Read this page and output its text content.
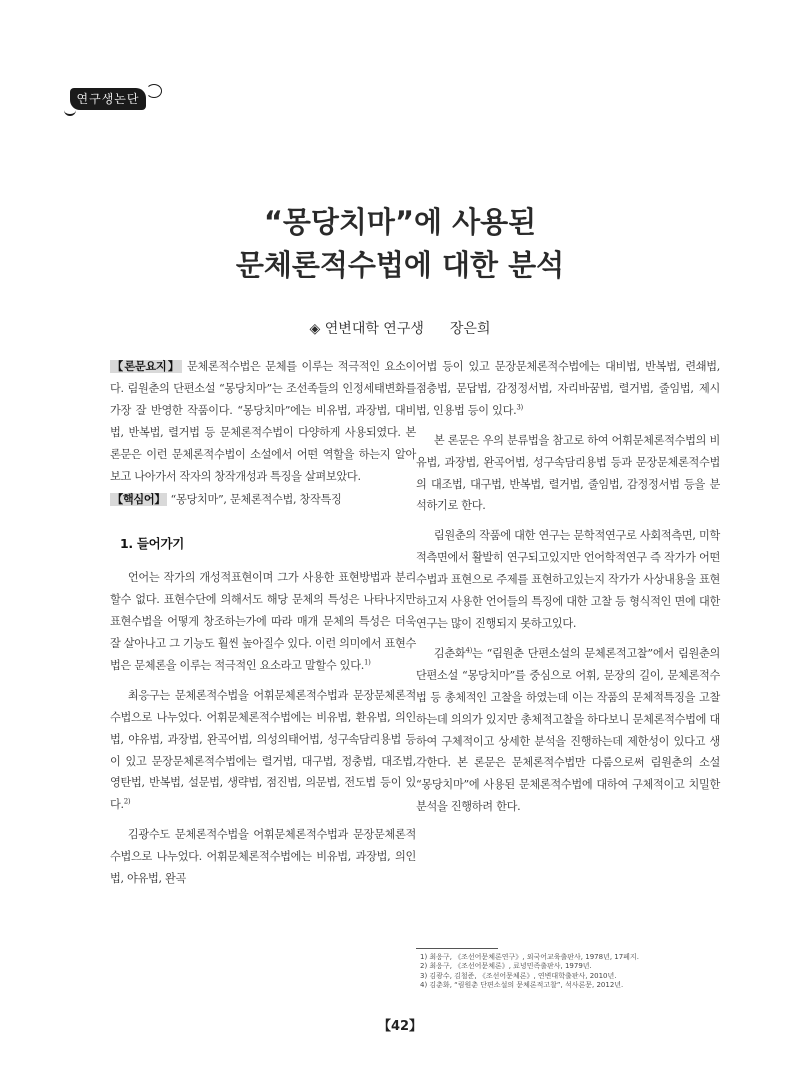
연구생논단
“몽당치마”에 사용된
문체론적수법에 대한 분석
◈ 연변대학 연구생 장은희

【론문요지】 문체론적수법은 문체를 이루는 적극적인 요소이다. 림원춘의 단편소설 “몽당치마”는 조선족들의 인정세태변화를 가장 잘 반영한 작품이다. “몽당치마”에는 비유법, 과장법, 대비법, 반복법, 렬거법 등 문체론적수법이 다양하게 사용되였다. 본 론문은 이런 문체론적수법이 소설에서 어떤 역할을 하는지 알아보고 나아가서 작자의 창작개성과 특징을 살펴보았다.

【핵심어】 “몽당치마”, 문체론적수법, 창작특징

1. 들어가기

언어는 작가의 개성적표현이며 그가 사용한 표현방법과 분리할수 없다. 표현수단에 의해서도 해당 문체의 특성은 나타나지만 표현수법을 어떻게 창조하는가에 따라 매개 문체의 특성은 더욱 잘 살아나고 그 기능도 훨씬 높아질수 있다. 이런 의미에서 표현수법은 문체론을 이루는 적극적인 요소라고 말할수 있다.$^{1)}$

최응구는 문체론적수법을 어휘문체론적수법과 문장문체론적수법으로 나누었다. 어휘문체론적수법에는 비유법, 환유법, 의인법, 야유법, 과장법, 완곡어법, 의성의태어법, 성구속담리용법 등이 있고 문장문체론적수법에는 렬거법, 대구법, 정충법, 대조법, 영탄법, 반복법, 설문법, 생략법, 점진법, 의문법, 전도법 등이 있다.$^{2)}$

김광수도 문체론적수법을 어휘문체론적수법과 문장문체론적수법으로 나누었다. 어휘문체론적수법에는 비유법, 과장법, 의인법, 야유법, 완곡

어법 등이 있고 문장문체론적수법에는 대비법, 반복법, 련쇄법, 점층법, 문답법, 감정정서법, 자리바꿈법, 렬거법, 줄임법, 제시법, 인용법 등이 있다.$^{3)}$

본 론문은 우의 분류법을 참고로 하여 어휘문체론적수법의 비유법, 과장법, 완곡어법, 성구속담리용법 등과 문장문체론적수법의 대조법, 대구법, 반복법, 렬거법, 줄임법, 감정정서법 등을 분석하기로 한다.

림원춘의 작품에 대한 연구는 문학적연구로 사회적측면, 미학적측면에서 활발히 연구되고있지만 언어학적연구 즉 작가가 어떤 수법과 표현으로 주제를 표현하고있는지 작가가 사상내용을 표현하고저 사용한 언어들의 특징에 대한 고찰 등 형식적인 면에 대한 연구는 많이 진행되지 못하고있다.

김춘화$^{4)}$는 “림원춘 단편소설의 문체론적고찰”에서 림원춘의 단편소설 “몽당치마”를 중심으로 어휘, 문장의 길이, 문체론적수법 등 총체적인 고찰을 하였는데 이는 작품의 문체적특징을 고찰하는데 의의가 있지만 총체적고찰을 하다보니 문체론적수법에 대하여 구체적이고 상세한 분석을 진행하는데 제한성이 있다고 생각한다. 본 론문은 문체론적수법만 다룸으로써 림원춘의 소설 “몽당치마”에 사용된 문체론적수법에 대하여 구체적이고 치밀한 분석을 진행하려 한다.

1) 최응구, 《조선어문체론연구》, 외국어교육출판사, 1978년, 17페지.
2) 최응구, 《조선어문체론》, 료녕민족출판사, 1979년.
3) 김광수, 김철준, 《조선어문체론》, 연변대학출판사, 2010년.
4) 김춘화, “림원춘 단편소설의 문체론적고찰”, 석사론문, 2012년.
【42】
